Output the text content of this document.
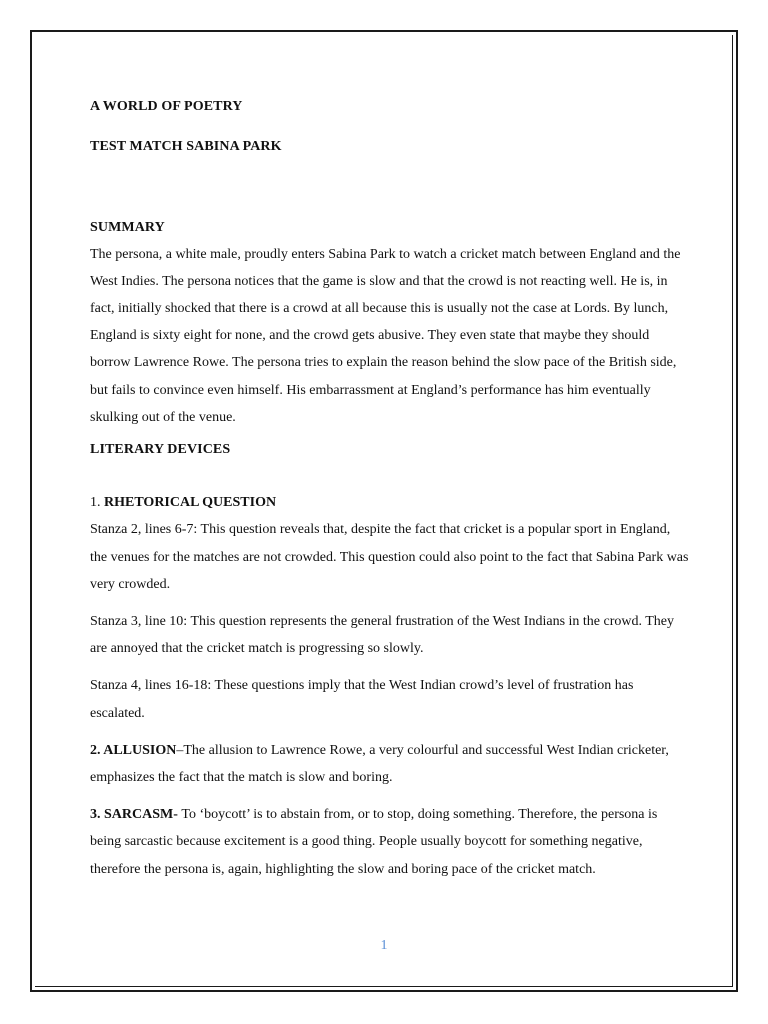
A WORLD OF POETRY

TEST MATCH SABINA PARK

SUMMARY

The persona, a white male, proudly enters Sabina Park to watch a cricket match between England and the West Indies. The persona notices that the game is slow and that the crowd is not reacting well. He is, in fact, initially shocked that there is a crowd at all because this is usually not the case at Lords. By lunch, England is sixty eight for none, and the crowd gets abusive. They even state that maybe they should borrow Lawrence Rowe. The persona tries to explain the reason behind the slow pace of the British side, but fails to convince even himself. His embarrassment at England’s performance has him eventually skulking out of the venue.

LITERARY DEVICES

1. RHETORICAL QUESTION

Stanza 2, lines 6-7: This question reveals that, despite the fact that cricket is a popular sport in England, the venues for the matches are not crowded. This question could also point to the fact that Sabina Park was very crowded.

Stanza 3, line 10: This question represents the general frustration of the West Indians in the crowd. They are annoyed that the cricket match is progressing so slowly.

Stanza 4, lines 16-18: These questions imply that the West Indian crowd’s level of frustration has escalated.

2. ALLUSION–The allusion to Lawrence Rowe, a very colourful and successful West Indian cricketer, emphasizes the fact that the match is slow and boring.

3. SARCASM- To ‘boycott’ is to abstain from, or to stop, doing something. Therefore, the persona is being sarcastic because excitement is a good thing. People usually boycott for something negative, therefore the persona is, again, highlighting the slow and boring pace of the cricket match.

1
